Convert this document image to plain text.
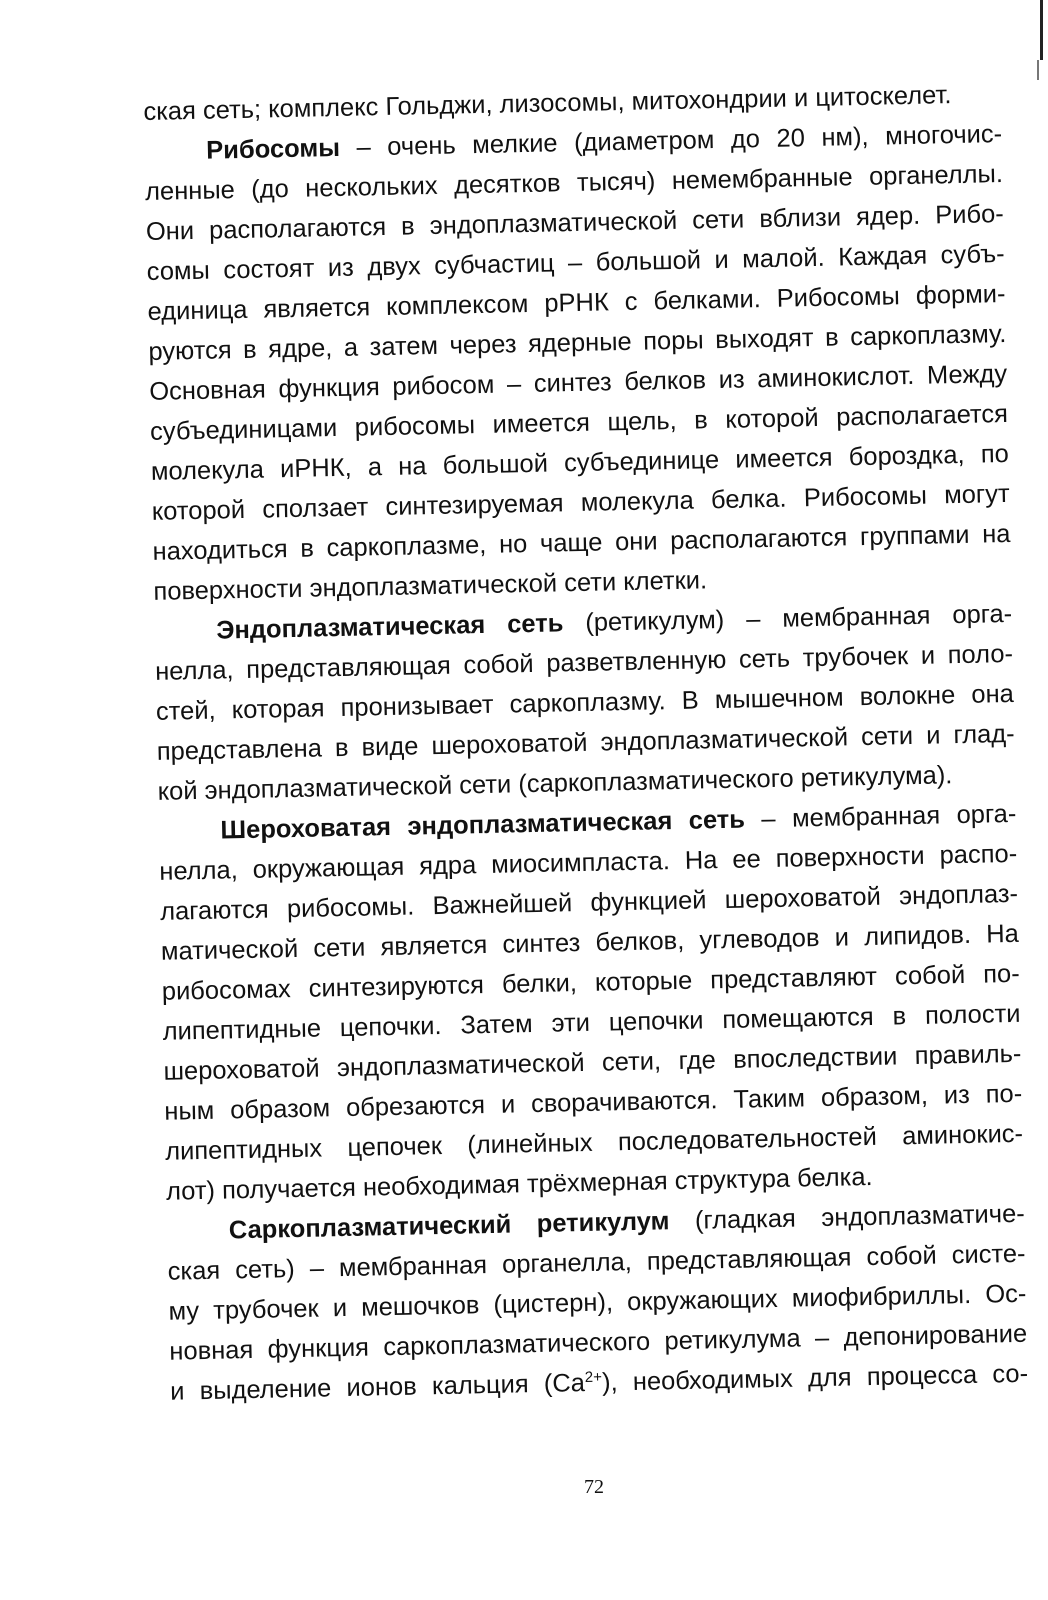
ская сеть; комплекс Гольджи, лизосомы, митохондрии и цитоскелет.
Рибосомы – очень мелкие (диаметром до 20 нм), многочис-
ленные (до нескольких десятков тысяч) немембранные органеллы.
Они располагаются в эндоплазматической сети вблизи ядер. Рибо-
сомы состоят из двух субчастиц – большой и малой. Каждая субъ-
единица является комплексом рРНК с белками. Рибосомы форми-
руются в ядре, а затем через ядерные поры выходят в саркоплазму.
Основная функция рибосом – синтез белков из аминокислот. Между
субъединицами рибосомы имеется щель, в которой располагается
молекула иРНК, а на большой субъединице имеется бороздка, по
которой сползает синтезируемая молекула белка. Рибосомы могут
находиться в саркоплазме, но чаще они располагаются группами на
поверхности эндоплазматической сети клетки.
Эндоплазматическая сеть (ретикулум) – мембранная орга-
нелла, представляющая собой разветвленную сеть трубочек и поло-
стей, которая пронизывает саркоплазму. В мышечном волокне она
представлена в виде шероховатой эндоплазматической сети и глад-
кой эндоплазматической сети (саркоплазматического ретикулума).
Шероховатая эндоплазматическая сеть – мембранная орга-
нелла, окружающая ядра миосимпласта. На ее поверхности распо-
лагаются рибосомы. Важнейшей функцией шероховатой эндоплаз-
матической сети является синтез белков, углеводов и липидов. На
рибосомах синтезируются белки, которые представляют собой по-
липептидные цепочки. Затем эти цепочки помещаются в полости
шероховатой эндоплазматической сети, где впоследствии правиль-
ным образом обрезаются и сворачиваются. Таким образом, из по-
липептидных цепочек (линейных последовательностей аминокис-
лот) получается необходимая трёхмерная структура белка.
Саркоплазматический ретикулум (гладкая эндоплазматиче-
ская сеть) – мембранная органелла, представляющая собой систе-
му трубочек и мешочков (цистерн), окружающих миофибриллы. Ос-
новная функция саркоплазматического ретикулума – депонирование
и выделение ионов кальция $(Ca^{2+})$, необходимых для процесса со-
72
